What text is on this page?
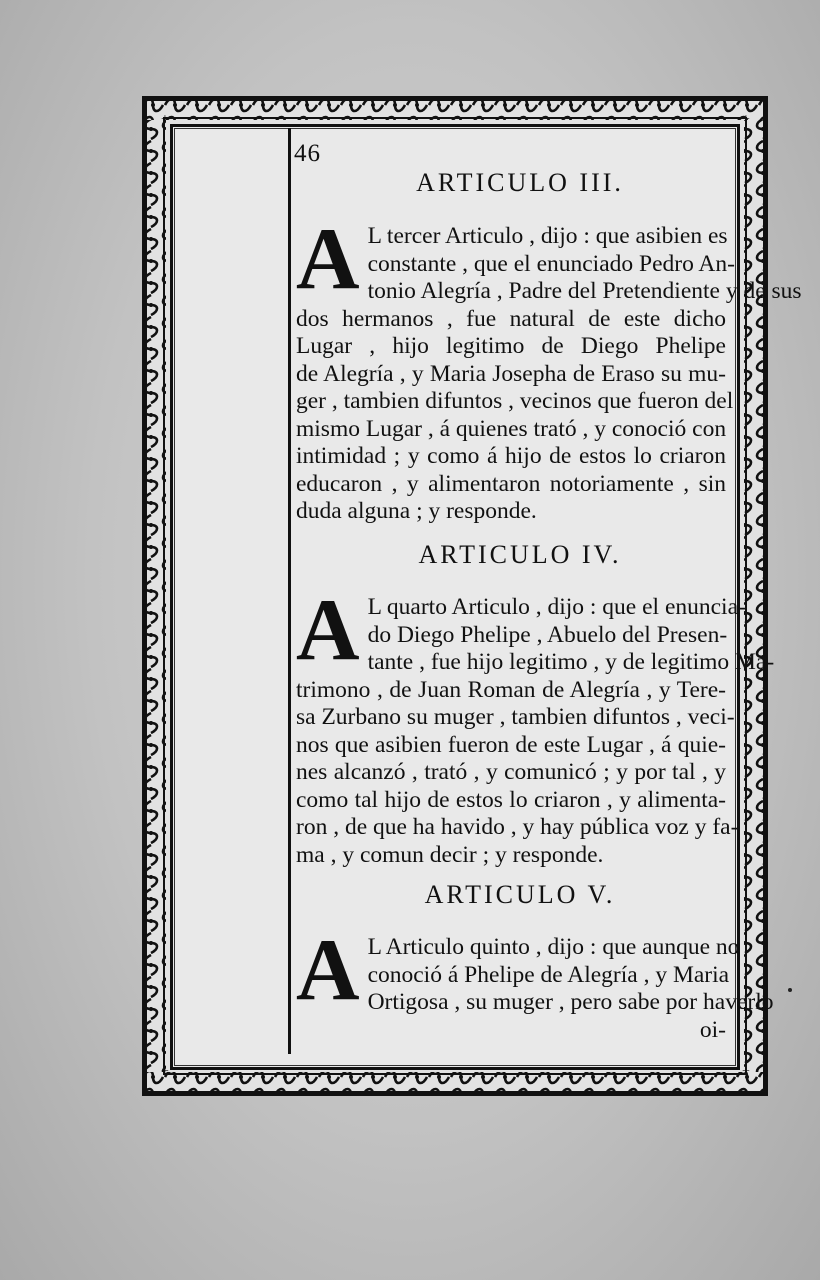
+	+
+	+
46
ARTICULO III.
A L tercer Articulo , dijo : que asibien es
constante , que el enunciado Pedro An-
tonio Alegría , Padre del Pretendiente y de sus
dos hermanos , fue natural de este dicho
Lugar , hijo legitimo de Diego Phelipe
de Alegría , y Maria Josepha de Eraso su mu-
ger , tambien difuntos , vecinos que fueron del
mismo Lugar , á quienes trató , y conoció con
intimidad ; y como á hijo de estos lo criaron
educaron , y alimentaron notoriamente , sin
duda alguna ; y responde.
ARTICULO IV.
A L quarto Articulo , dijo : que el enuncia-
do Diego Phelipe , Abuelo del Presen-
tante , fue hijo legitimo , y de legitimo Ma-
trimono , de Juan Roman de Alegría , y Tere-
sa Zurbano su muger , tambien difuntos , veci-
nos que asibien fueron de este Lugar , á quie-
nes alcanzó , trató , y comunicó ; y por tal , y
como tal hijo de estos lo criaron , y alimenta-
ron , de que ha havido , y hay pública voz y fa-
ma , y comun decir ; y responde.
ARTICULO V.
A L Articulo quinto , dijo : que aunque no
conoció á Phelipe de Alegría , y Maria
Ortigosa , su muger , pero sabe por haverlo
oi-
